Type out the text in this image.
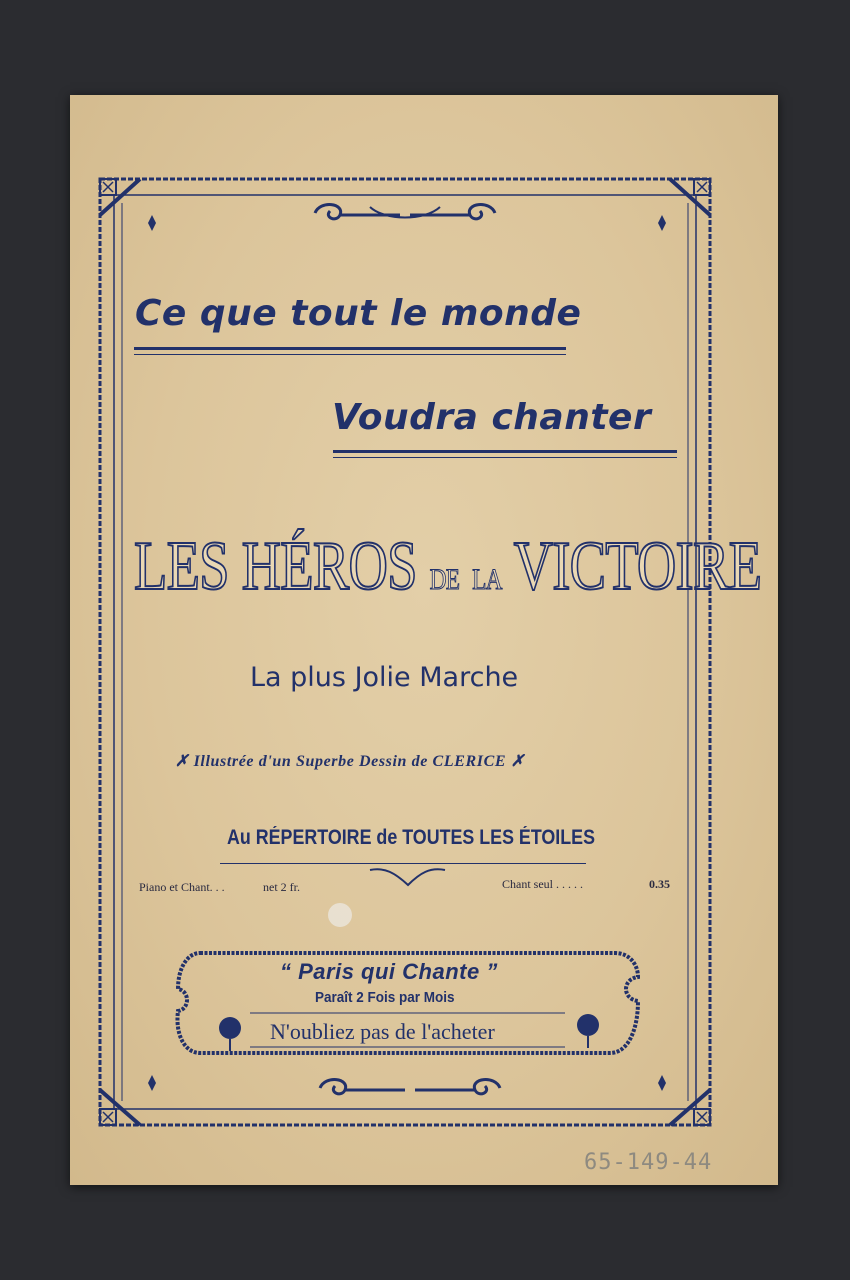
Ce que tout le monde
Voudra chanter
LES HÉROS DE LA VICTOIRE
La plus Jolie Marche
✗ Illustrée d'un Superbe Dessin de CLERICE ✗
Au RÉPERTOIRE de TOUTES LES ÉTOILES
Piano et Chant. . .	net 2 fr.	Chant seul . . . . .	0.35
“ Paris qui Chante ”
Paraît 2 Fois par Mois
N'oubliez pas de l'acheter
65-149-44
